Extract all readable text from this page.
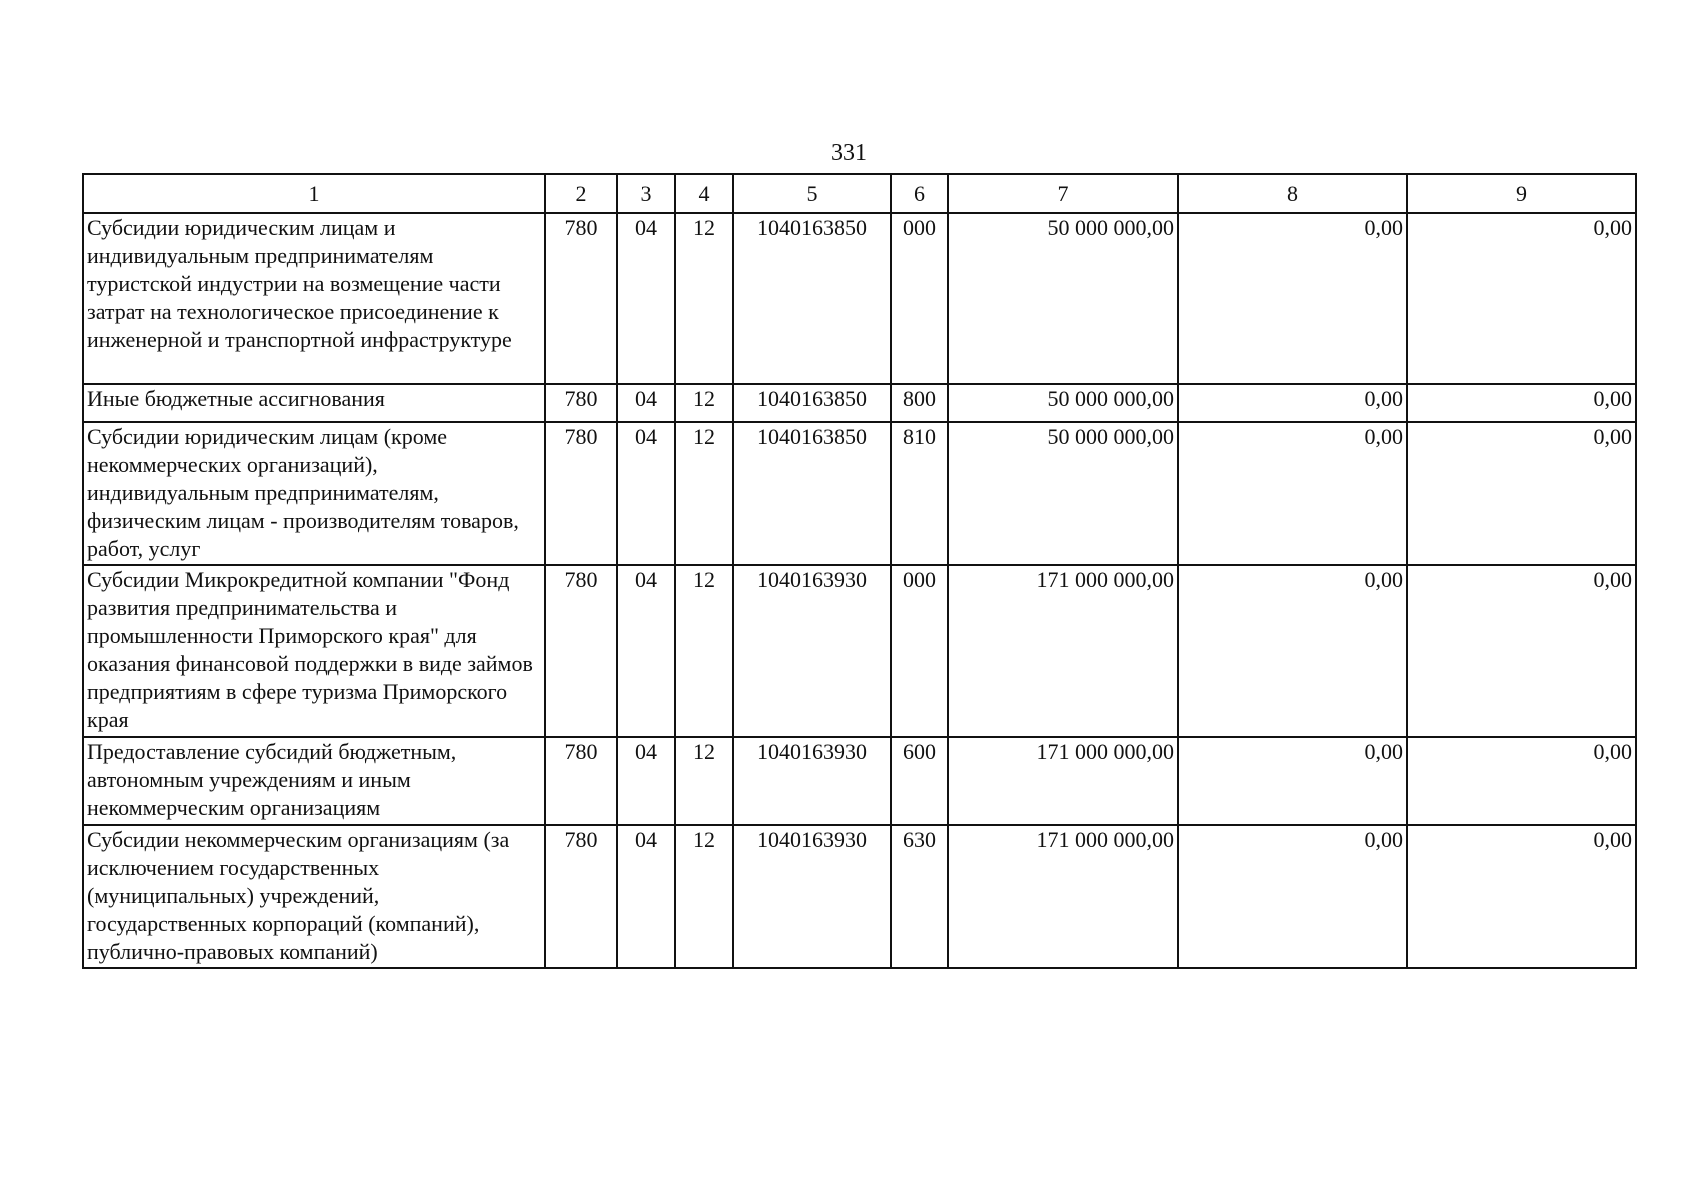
331
1	2	3	4	5	6	7	8	9
Субсидии юридическим лицам и индивидуальным предпринимателям туристской индустрии на возмещение части затрат на технологическое присоединение к инженерной и транспортной инфраструктуре	780	04	12	1040163850	000	50 000 000,00	0,00	0,00
Иные бюджетные ассигнования	780	04	12	1040163850	800	50 000 000,00	0,00	0,00
Субсидии юридическим лицам (кроме некоммерческих организаций), индивидуальным предпринимателям, физическим лицам - производителям товаров, работ, услуг	780	04	12	1040163850	810	50 000 000,00	0,00	0,00
Субсидии Микрокредитной компании "Фонд развития предпринимательства и промышленности Приморского края" для оказания финансовой поддержки в виде займов предприятиям в сфере туризма Приморского края	780	04	12	1040163930	000	171 000 000,00	0,00	0,00
Предоставление субсидий бюджетным, автономным учреждениям и иным некоммерческим организациям	780	04	12	1040163930	600	171 000 000,00	0,00	0,00
Субсидии некоммерческим организациям (за исключением государственных (муниципальных) учреждений, государственных корпораций (компаний), публично-правовых компаний)	780	04	12	1040163930	630	171 000 000,00	0,00	0,00
